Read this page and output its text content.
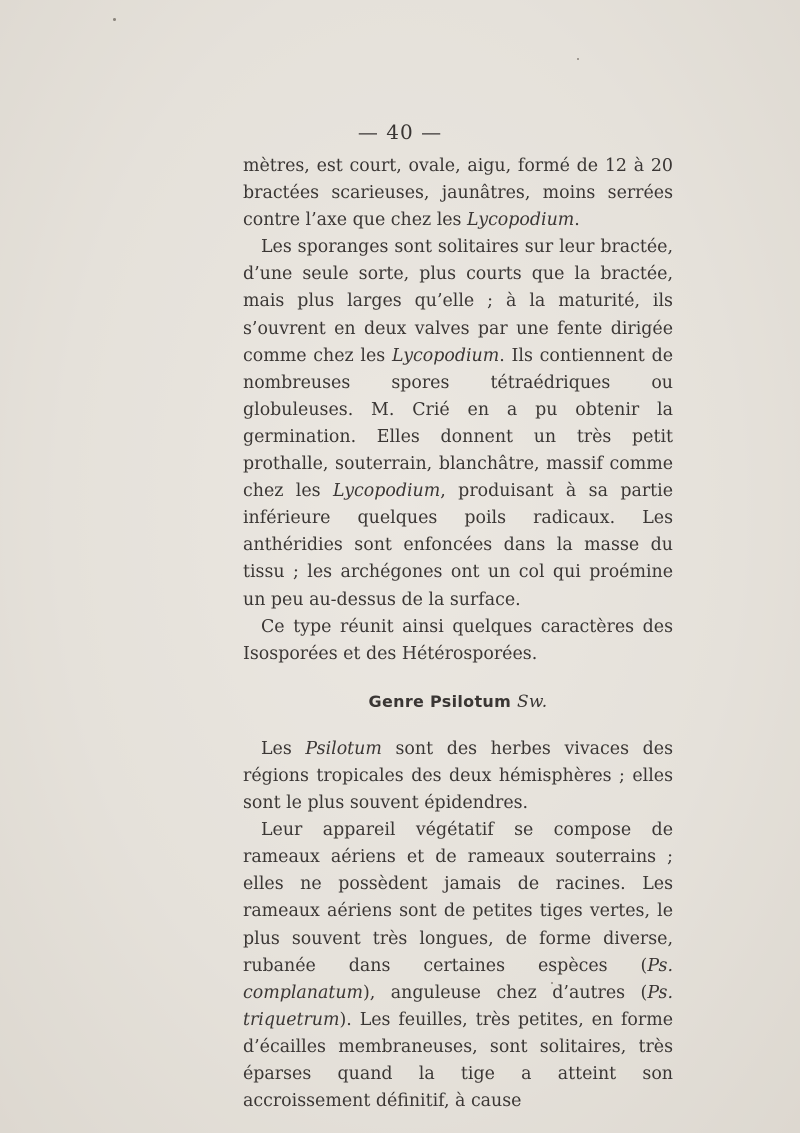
— 40 —

mètres, est court, ovale, aigu, formé de 12 à 20 bractées scarieuses, jaunâtres, moins serrées contre l’axe que chez les Lycopodium.

Les sporanges sont solitaires sur leur bractée, d’une seule sorte, plus courts que la bractée, mais plus larges qu’elle ; à la maturité, ils s’ouvrent en deux valves par une fente dirigée comme chez les Lycopodium. Ils contiennent de nombreuses spores tétraédriques ou globuleuses. M. Crié en a pu obtenir la germination. Elles donnent un très petit prothalle, souterrain, blanchâtre, massif comme chez les Lycopodium, produisant à sa partie inférieure quelques poils radicaux. Les anthéridies sont enfoncées dans la masse du tissu ; les archégones ont un col qui proémine un peu au-dessus de la surface.

Ce type réunit ainsi quelques caractères des Isosporées et des Hétérosporées.

Genre Psilotum Sw.

Les Psilotum sont des herbes vivaces des régions tropicales des deux hémisphères ; elles sont le plus souvent épidendres.

Leur appareil végétatif se compose de rameaux aériens et de rameaux souterrains ; elles ne possèdent jamais de racines. Les rameaux aériens sont de petites tiges vertes, le plus souvent très longues, de forme diverse, rubanée dans certaines espèces (Ps. complanatum), anguleuse chez d’autres (Ps. triquetrum). Les feuilles, très petites, en forme d’écailles membraneuses, sont solitaires, très éparses quand la tige a atteint son accroissement définitif, à cause
